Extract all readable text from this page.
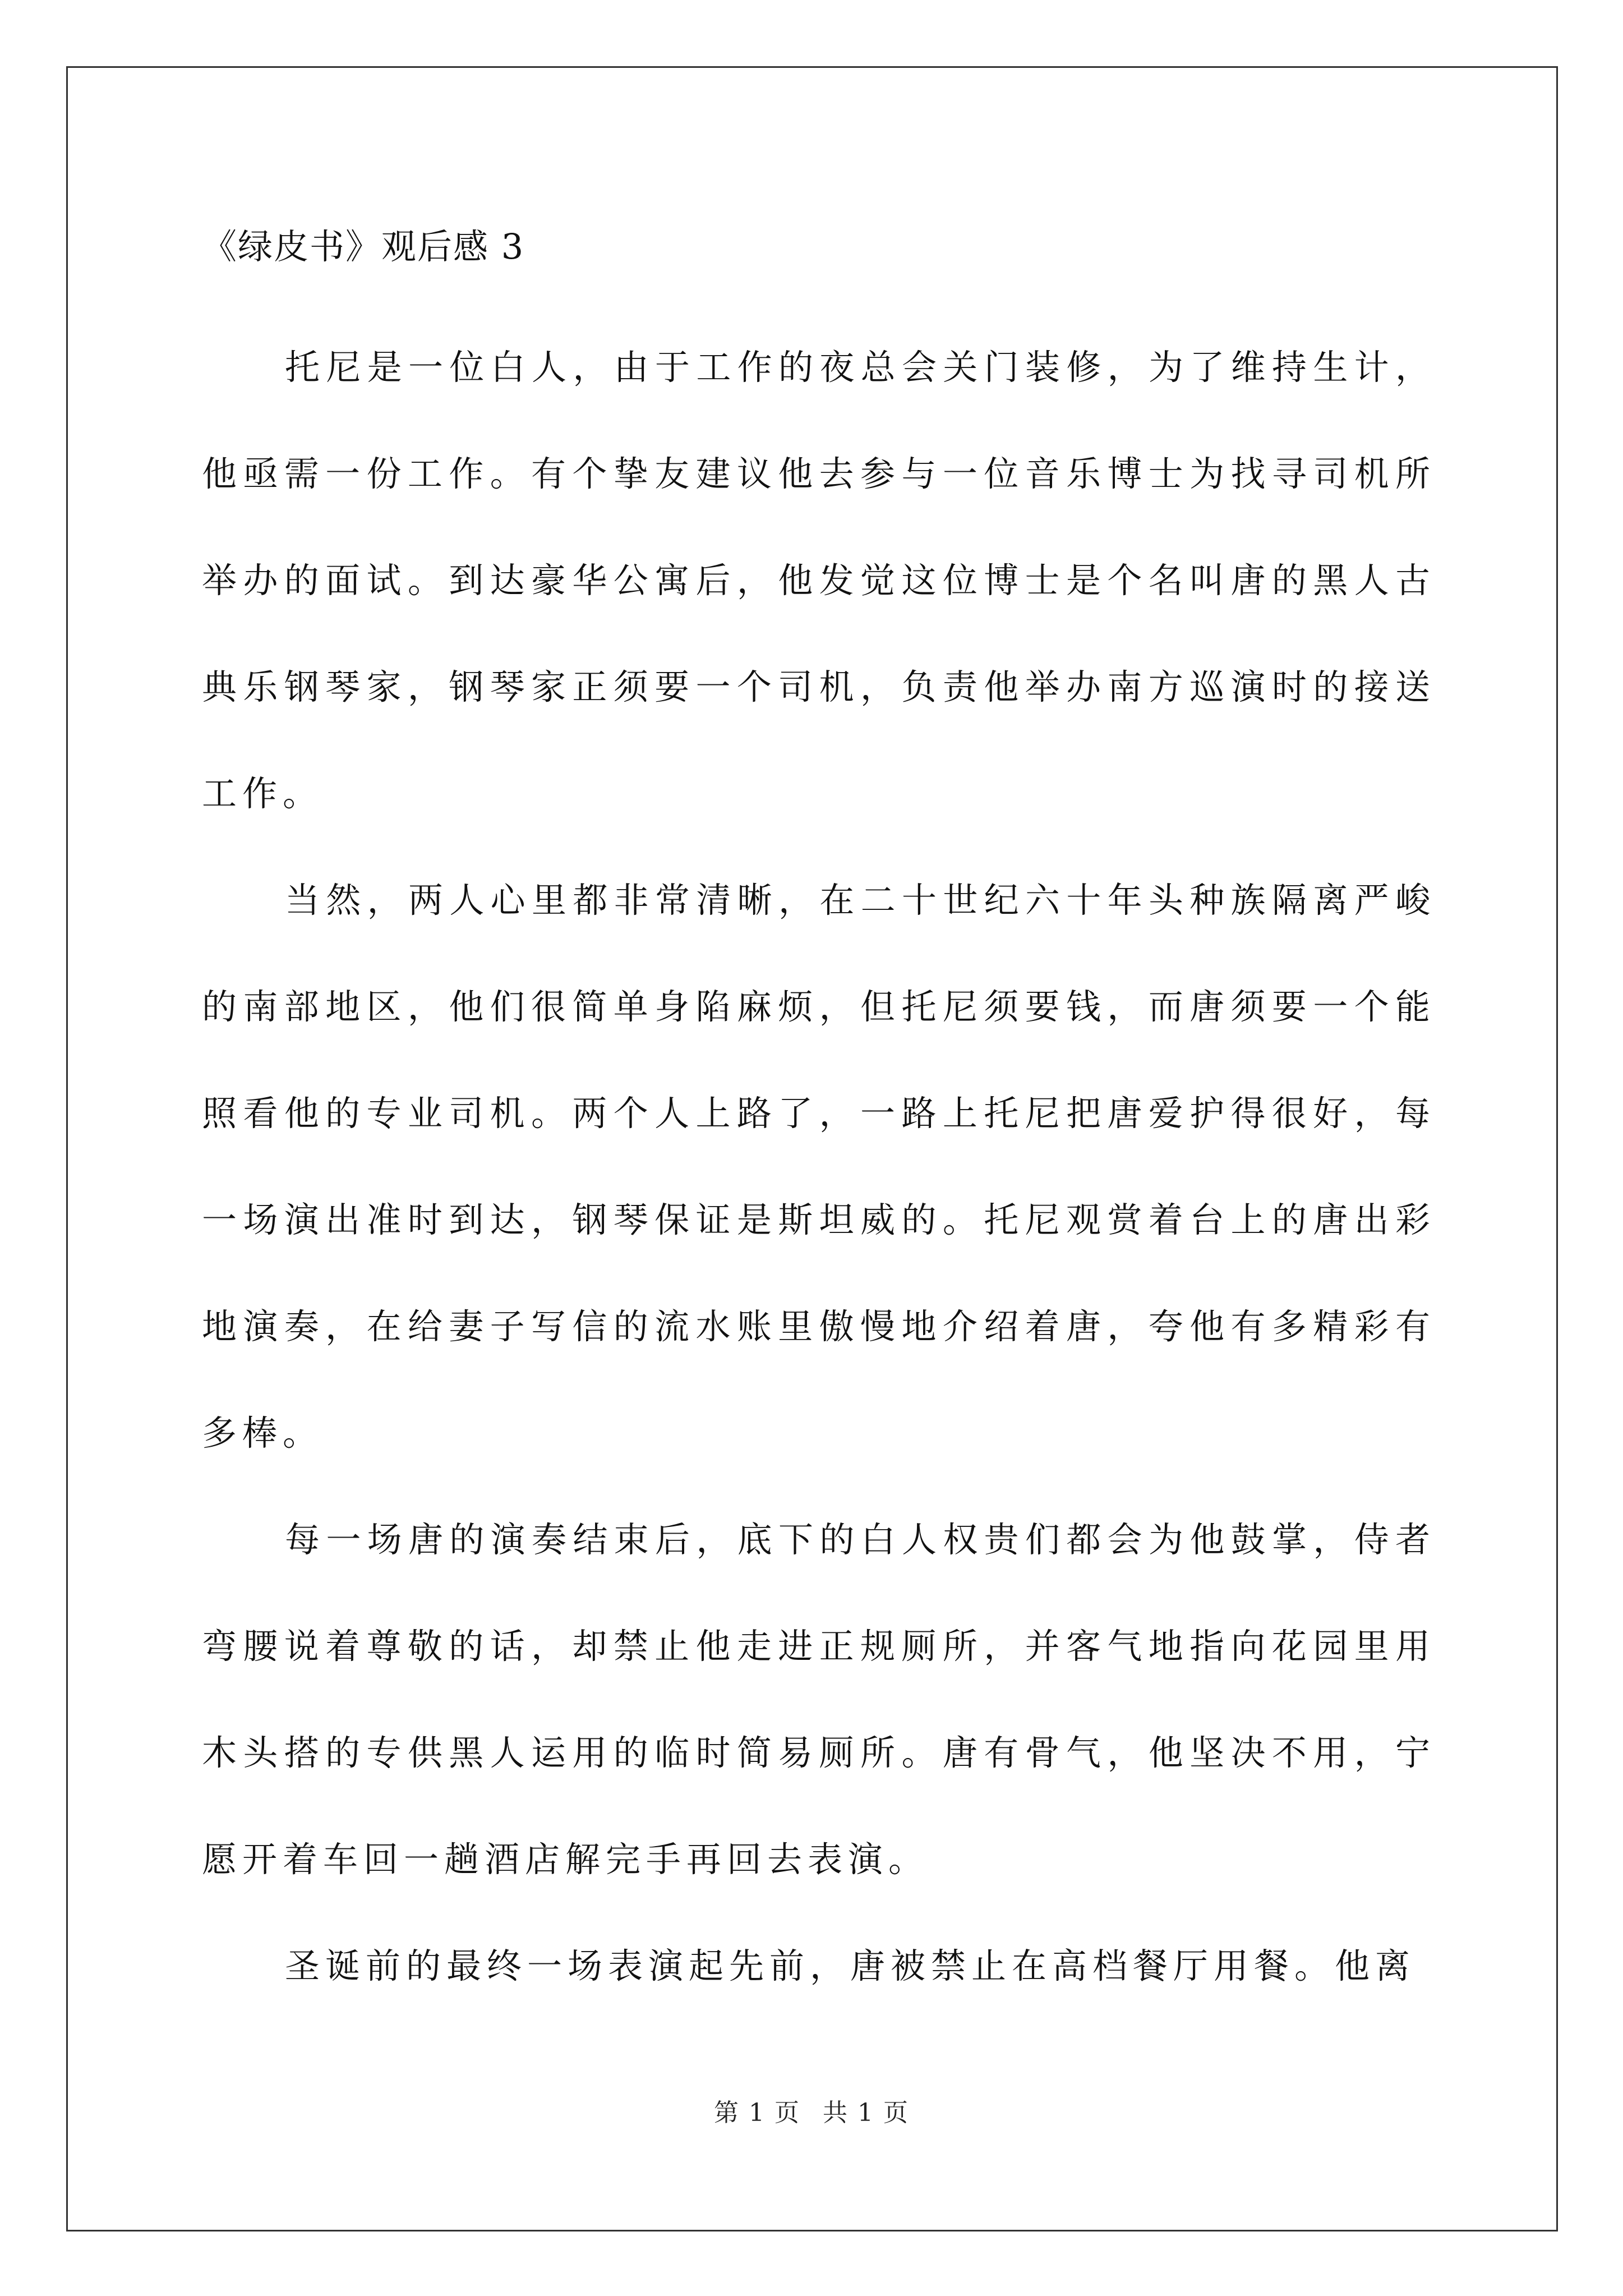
《绿皮书》观后感 3

托尼是一位白人，由于工作的夜总会关门装修，为了维持生计，他亟需一份工作。有个挚友建议他去参与一位音乐博士为找寻司机所举办的面试。到达豪华公寓后，他发觉这位博士是个名叫唐的黑人古典乐钢琴家，钢琴家正须要一个司机，负责他举办南方巡演时的接送工作。

当然，两人心里都非常清晰，在二十世纪六十年头种族隔离严峻的南部地区，他们很简单身陷麻烦，但托尼须要钱，而唐须要一个能照看他的专业司机。两个人上路了，一路上托尼把唐爱护得很好，每一场演出准时到达，钢琴保证是斯坦威的。托尼观赏着台上的唐出彩地演奏，在给妻子写信的流水账里傲慢地介绍着唐，夸他有多精彩有多棒。

每一场唐的演奏结束后，底下的白人权贵们都会为他鼓掌，侍者弯腰说着尊敬的话，却禁止他走进正规厕所，并客气地指向花园里用木头搭的专供黑人运用的临时简易厕所。唐有骨气，他坚决不用，宁愿开着车回一趟酒店解完手再回去表演。

圣诞前的最终一场表演起先前，唐被禁止在高档餐厅用餐。他离

第 1 页 共 1 页
